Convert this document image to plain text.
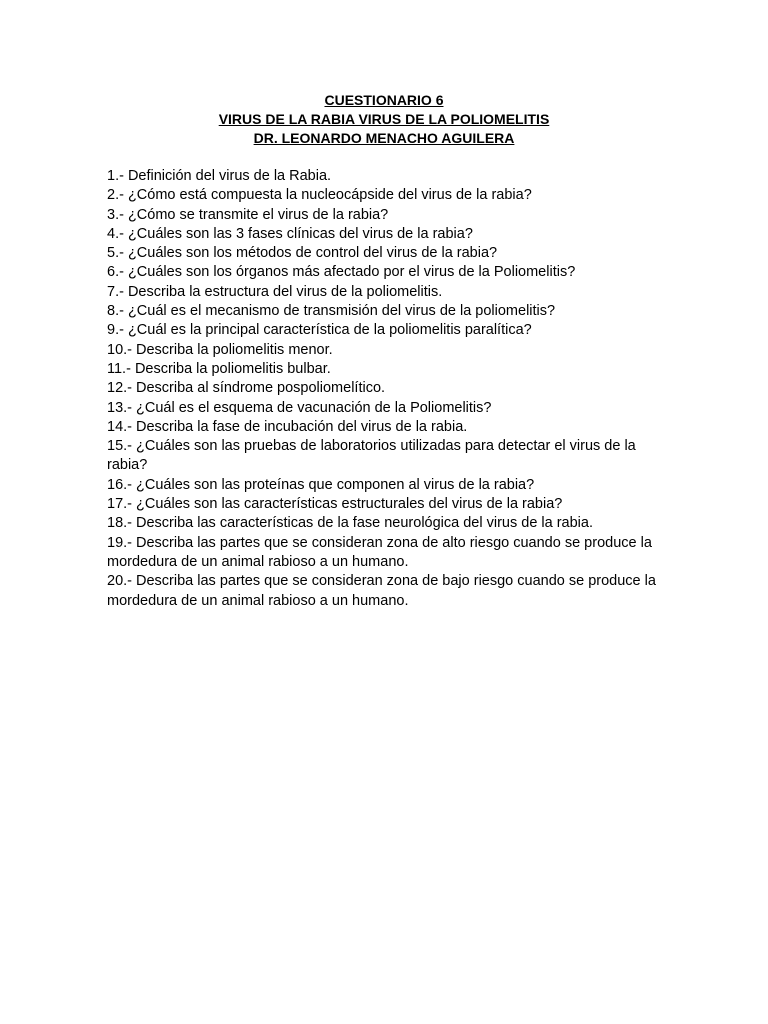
CUESTIONARIO 6
VIRUS DE LA RABIA VIRUS DE LA POLIOMELITIS
DR. LEONARDO MENACHO AGUILERA
1.- Definición del virus de la Rabia.
2.- ¿Cómo está compuesta la nucleocápside del virus de la rabia?
3.- ¿Cómo se transmite el virus de la rabia?
4.- ¿Cuáles son las 3 fases clínicas del virus de la rabia?
5.- ¿Cuáles son los métodos de control del virus de la rabia?
6.- ¿Cuáles son los órganos más afectado por el virus de la Poliomelitis?
7.- Describa la estructura del virus de la poliomelitis.
8.- ¿Cuál es el mecanismo de transmisión del virus de la poliomelitis?
9.- ¿Cuál es la principal característica de la poliomelitis paralítica?
10.- Describa la poliomelitis menor.
11.- Describa la poliomelitis bulbar.
12.- Describa al síndrome pospoliomelítico.
13.- ¿Cuál es el esquema de vacunación de la Poliomelitis?
14.- Describa la fase de incubación del virus de la rabia.
15.- ¿Cuáles son las pruebas de laboratorios utilizadas para detectar el virus de la rabia?
16.- ¿Cuáles son las proteínas que componen al virus de la rabia?
17.- ¿Cuáles son las características estructurales del virus de la rabia?
18.- Describa las características de la fase neurológica del virus de la rabia.
19.- Describa las partes que se consideran zona de alto riesgo cuando se produce la mordedura de un animal rabioso a un humano.
20.- Describa las partes que se consideran zona de bajo riesgo cuando se produce la mordedura de un animal rabioso a un humano.
